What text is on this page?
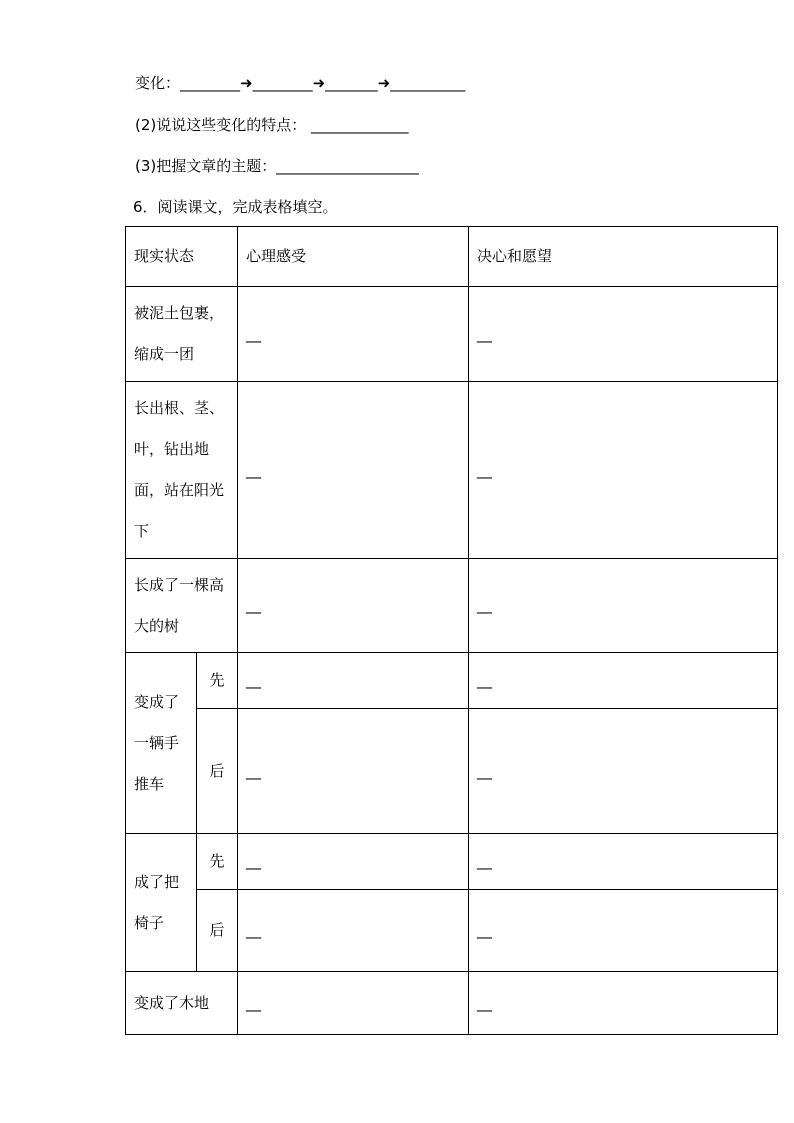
变化：________➜________➜_______➜__________
(2)说说这些变化的特点： _____________
(3)把握文章的主题：___________________
6．阅读课文，完成表格填空。
现实状态		心理感受	决心和愿望
被泥土包裹，缩成一团		__	__
长出根、茎、叶，钻出地面，站在阳光下		__	__
长成了一棵高大的树		__	__
变成了一辆手推车	先	__	__
	后	__	__
成了把椅子	先	__	__
	后	__	__
变成了木地		__	__
